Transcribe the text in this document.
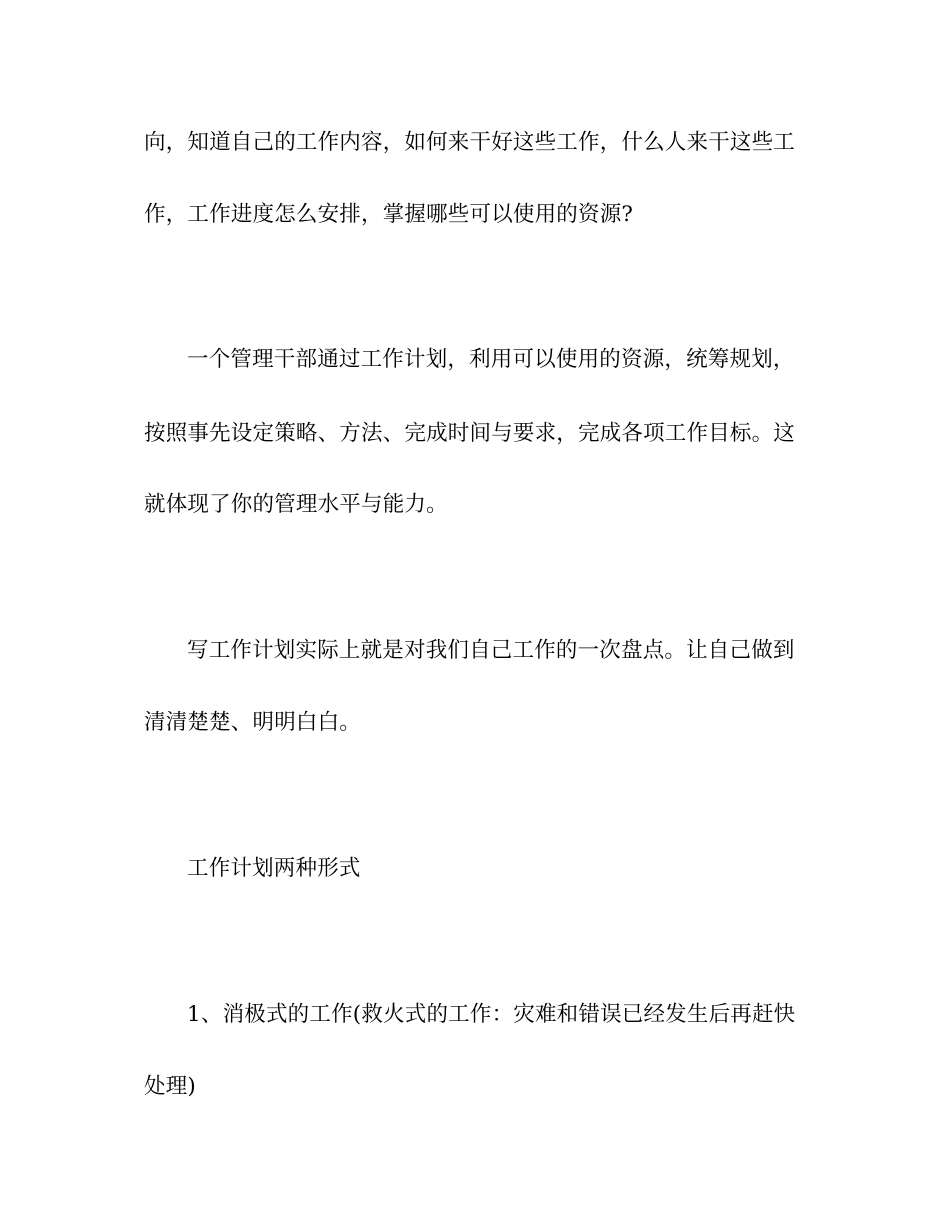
向，知道自己的工作内容，如何来干好这些工作，什么人来干这些工
作，工作进度怎么安排，掌握哪些可以使用的资源?
一个管理干部通过工作计划，利用可以使用的资源，统筹规划，
按照事先设定策略、方法、完成时间与要求，完成各项工作目标。这
就体现了你的管理水平与能力。
写工作计划实际上就是对我们自己工作的一次盘点。让自己做到
清清楚楚、明明白白。
工作计划两种形式
1、消极式的工作(救火式的工作：灾难和错误已经发生后再赶快
处理)
